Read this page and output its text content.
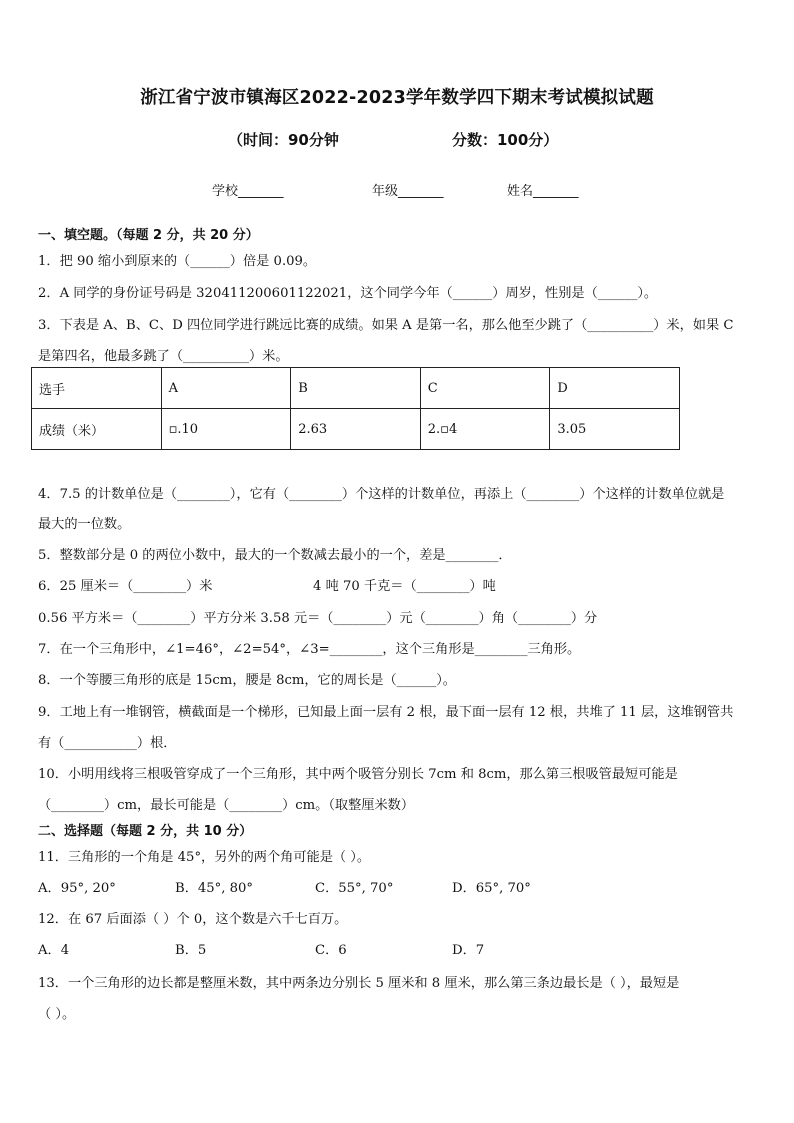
浙江省宁波市镇海区2022-2023学年数学四下期末考试模拟试题
（时间：90分钟	分数：100分）
学校_______	年级_______	姓名_______
一、填空题。（每题 2 分，共 20 分）
1．把 90 缩小到原来的（______）倍是 0.09。
2．A 同学的身份证号码是 320411200601122021，这个同学今年（______）周岁，性别是（______）。
3．下表是 A、B、C、D 四位同学进行跳远比赛的成绩。如果 A 是第一名，那么他至少跳了（__________）米，如果 C
是第四名，他最多跳了（__________）米。
选手	A	B	C	D
成绩（米）	▫.10	2.63	2.▫4	3.05
4．7.5 的计数单位是（________），它有（________）个这样的计数单位，再添上（________）个这样的计数单位就是
最大的一位数。
5．整数部分是 0 的两位小数中，最大的一个数减去最小的一个，差是________．
6．25 厘米＝（________）米	4 吨 70 千克＝（________）吨
0.56 平方米＝（________）平方分米 3.58 元＝（________）元（________）角（________）分
7．在一个三角形中，∠1=46°，∠2=54°，∠3=________，这个三角形是________三角形。
8．一个等腰三角形的底是 15cm，腰是 8cm，它的周长是（______）。
9．工地上有一堆钢管，横截面是一个梯形，已知最上面一层有 2 根，最下面一层有 12 根，共堆了 11 层，这堆钢管共
有（___________）根．
10．小明用线将三根吸管穿成了一个三角形，其中两个吸管分别长 7cm 和 8cm，那么第三根吸管最短可能是
（________）cm，最长可能是（________）cm。（取整厘米数）
二、选择题（每题 2 分，共 10 分）
11．三角形的一个角是 45°，另外的两个角可能是（ ）。
A．95°, 20°	B．45°, 80°	C．55°, 70°	D．65°, 70°
12．在 67 后面添（ ）个 0，这个数是六千七百万。
A．4	B．5	C．6	D．7
13．一个三角形的边长都是整厘米数，其中两条边分别长 5 厘米和 8 厘米，那么第三条边最长是（ ），最短是
（ ）。
